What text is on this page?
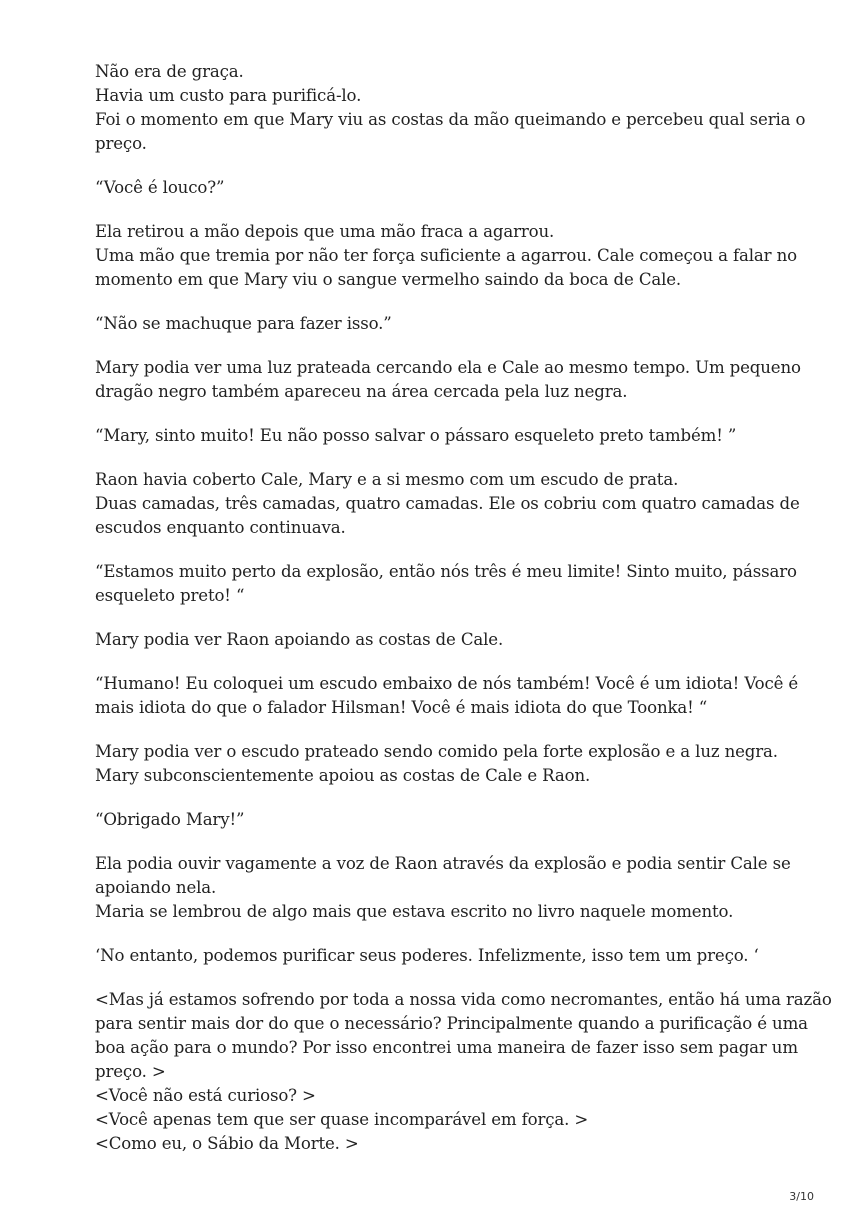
Não era de graça.
Havia um custo para purificá-lo.
Foi o momento em que Mary viu as costas da mão queimando e percebeu qual seria o
preço.

“Você é louco?”

Ela retirou a mão depois que uma mão fraca a agarrou.
Uma mão que tremia por não ter força suficiente a agarrou. Cale começou a falar no
momento em que Mary viu o sangue vermelho saindo da boca de Cale.

“Não se machuque para fazer isso.”

Mary podia ver uma luz prateada cercando ela e Cale ao mesmo tempo. Um pequeno
dragão negro também apareceu na área cercada pela luz negra.

“Mary, sinto muito! Eu não posso salvar o pássaro esqueleto preto também! ”

Raon havia coberto Cale, Mary e a si mesmo com um escudo de prata.
Duas camadas, três camadas, quatro camadas. Ele os cobriu com quatro camadas de
escudos enquanto continuava.

“Estamos muito perto da explosão, então nós três é meu limite! Sinto muito, pássaro
esqueleto preto! “

Mary podia ver Raon apoiando as costas de Cale.

“Humano! Eu coloquei um escudo embaixo de nós também! Você é um idiota! Você é
mais idiota do que o falador Hilsman! Você é mais idiota do que Toonka! “

Mary podia ver o escudo prateado sendo comido pela forte explosão e a luz negra.
Mary subconscientemente apoiou as costas de Cale e Raon.

“Obrigado Mary!”

Ela podia ouvir vagamente a voz de Raon através da explosão e podia sentir Cale se
apoiando nela.
Maria se lembrou de algo mais que estava escrito no livro naquele momento.

‘No entanto, podemos purificar seus poderes. Infelizmente, isso tem um preço. ‘

<Mas já estamos sofrendo por toda a nossa vida como necromantes, então há uma razão
para sentir mais dor do que o necessário? Principalmente quando a purificação é uma
boa ação para o mundo? Por isso encontrei uma maneira de fazer isso sem pagar um
preço. >
<Você não está curioso? >
<Você apenas tem que ser quase incomparável em força. >
<Como eu, o Sábio da Morte. >

3/10
